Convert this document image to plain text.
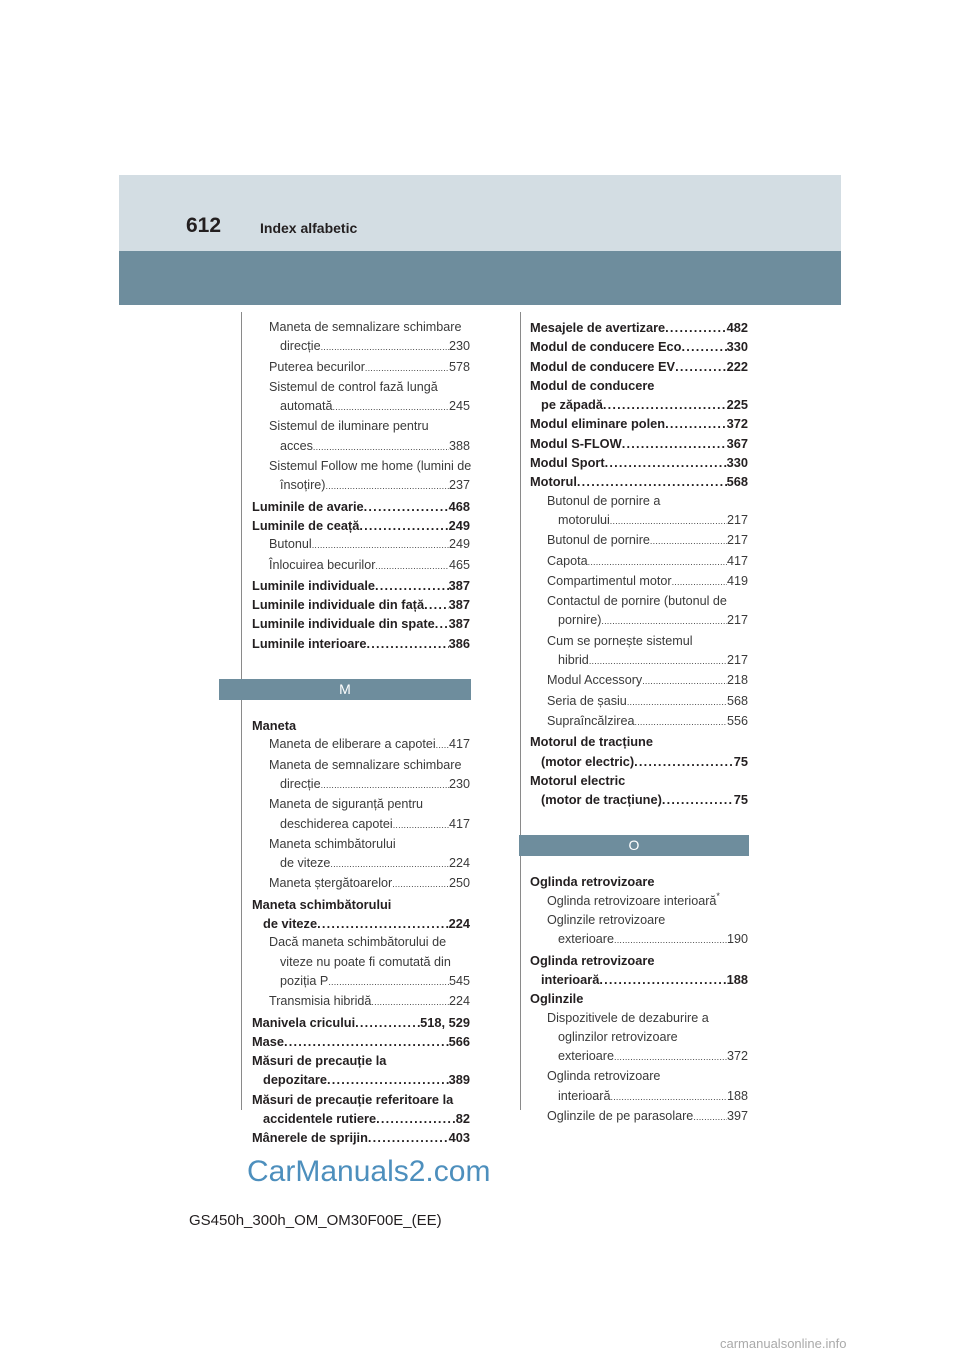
612	Index alfabetic
Maneta de semnalizare schimbare
direcție .....	230
Puterea becurilor .....	578
Sistemul de control fază lungă
automată .....	245
Sistemul de iluminare pentru
acces .....	388
Sistemul Follow me home (lumini de
însoțire) .....	237
Luminile de avarie .....	468
Luminile de ceață .....	249
Butonul .....	249
Înlocuirea becurilor .....	465
Luminile individuale .....	387
Luminile individuale din față ..... 387
Luminile individuale din spate ..... 387
Luminile interioare .....	386
M
Maneta
Maneta de eliberare a capotei ..... 417
Maneta de semnalizare schimbare
direcție .....	230
Maneta de siguranță pentru
deschiderea capotei .....	417
Maneta schimbătorului
de viteze .....	224
Maneta ștergătoarelor .....	250
Maneta schimbătorului
de viteze .....	224
Dacă maneta schimbătorului de
viteze nu poate fi comutată din
poziția P .....	545
Transmisia hibridă .....	224
Manivela cricului .....	518, 529
Mase .....	566
Măsuri de precauție la
depozitare .....	389
Măsuri de precauție referitoare la
accidentele rutiere .....	82
Mânerele de sprijin .....	403
Mesajele de avertizare .....	482
Modul de conducere Eco .....	330
Modul de conducere EV .....	222
Modul de conducere
pe zăpadă .....	225
Modul eliminare polen .....	372
Modul S-FLOW .....	367
Modul Sport .....	330
Motorul .....	568
Butonul de pornire a
motorului .....	217
Butonul de pornire .....	217
Capota .....	417
Compartimentul motor .....	419
Contactul de pornire (butonul de
pornire) .....	217
Cum se pornește sistemul
hibrid .....	217
Modul Accessory .....	218
Seria de șasiu .....	568
Supraîncălzirea .....	556
Motorul de tracțiune
(motor electric) .....	75
Motorul electric
(motor de tracțiune) .....	75
O
Oglinda retrovizoare
Oglinda retrovizoare interioară*
Oglinzile retrovizoare
exterioare .....	190
Oglinda retrovizoare
interioară .....	188
Oglinzile
Dispozitivele de dezaburire a
oglinzilor retrovizoare
exterioare .....	372
Oglinda retrovizoare
interioară .....	188
Oglinzile de pe parasolare .....	397
CarManuals2.com
GS450h_300h_OM_OM30F00E_(EE)
carmanualsonline.info
